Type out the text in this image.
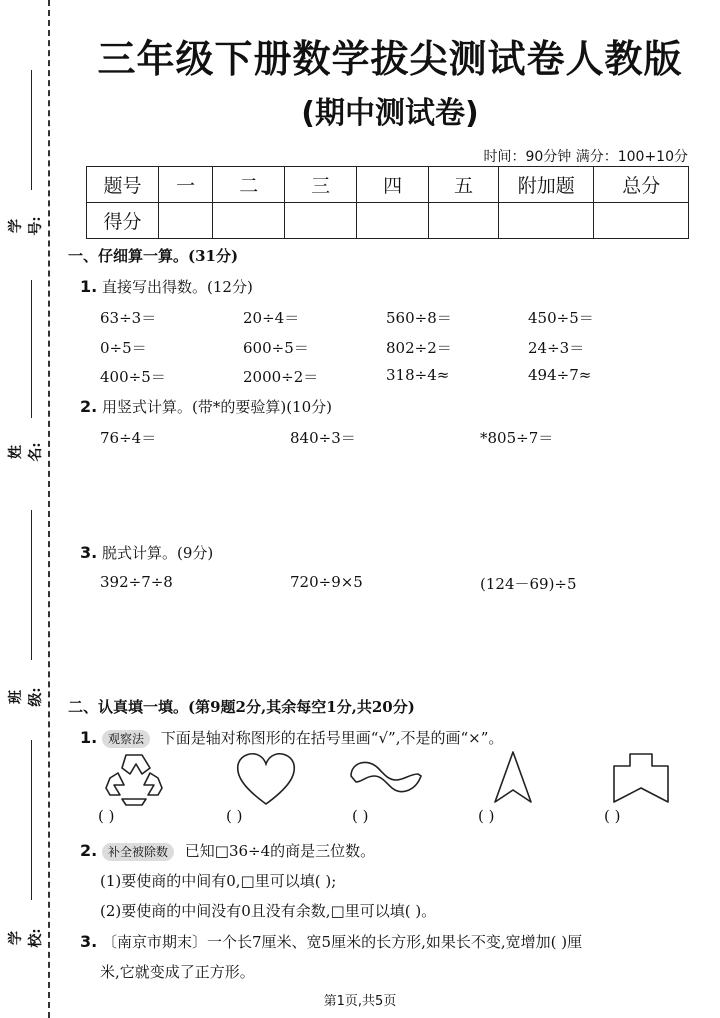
学号:
姓名:
班级:
学校:
三年级下册数学拔尖测试卷人教版
(期中测试卷)
时间：90分钟 满分：100+10分
题号	一	二	三	四	五	附加题	总分
得分							
一、仔细算一算。(31分)
1. 直接写出得数。(12分)
63÷3＝	20÷4＝	560÷8＝	450÷5＝
0÷5＝	600÷5＝	802÷2＝	24÷3＝
400÷5＝	2000÷2＝	318÷4≈	494÷7≈
2. 用竖式计算。(带*的要验算)(10分)
76÷4＝	840÷3＝	*805÷7＝
3. 脱式计算。(9分)
392÷7÷8	720÷9×5	(124－69)÷5
二、认真填一填。(第9题2分,其余每空1分,共20分)
1. 观察法 下面是轴对称图形的在括号里画“√”,不是的画“×”。
( )	( )	( )	( )	( )
2. 补全被除数 已知□36÷4的商是三位数。
(1)要使商的中间有0,□里可以填( );
(2)要使商的中间没有0且没有余数,□里可以填( )。
3. 〔南京市期末〕一个长7厘米、宽5厘米的长方形,如果长不变,宽增加( )厘
米,它就变成了正方形。
第1页,共5页
